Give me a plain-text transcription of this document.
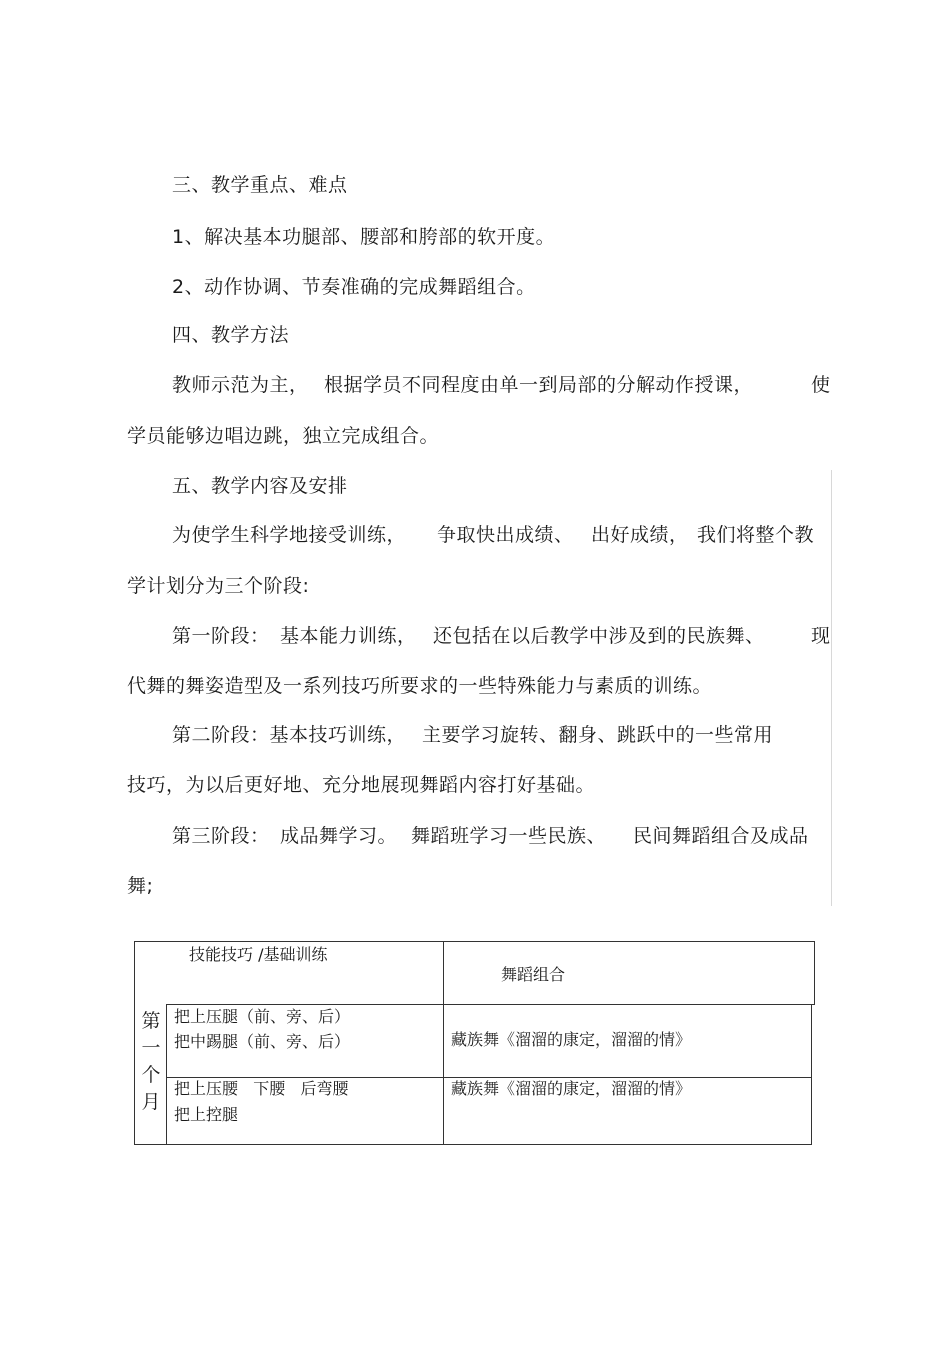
三、教学重点、难点
1、解决基本功腿部、腰部和胯部的软开度。
2、动作协调、节奏准确的完成舞蹈组合。
四、教学方法
教师示范为主， 根据学员不同程度由单一到局部的分解动作授课，	使
学员能够边唱边跳，独立完成组合。
五、教学内容及安排
为使学生科学地接受训练， 争取快出成绩、 出好成绩， 我们将整个教
学计划分为三个阶段:
第一阶段： 基本能力训练， 还包括在以后教学中涉及到的民族舞、 现
代舞的舞姿造型及一系列技巧所要求的一些特殊能力与素质的训练。
第二阶段：基本技巧训练， 主要学习旋转、翻身、跳跃中的一些常用
技巧，为以后更好地、充分地展现舞蹈内容打好基础。
第三阶段： 成品舞学习。 舞蹈班学习一些民族、 民间舞蹈组合及成品
舞;
技能技巧 /基础训练
舞蹈组合
第
一
个
月
把上压腿（前、旁、后）
把中踢腿（前、旁、后）	藏族舞《溜溜的康定，溜溜的情》
把上压腰   下腰   后弯腰
把上控腿
藏族舞《溜溜的康定，溜溜的情》
